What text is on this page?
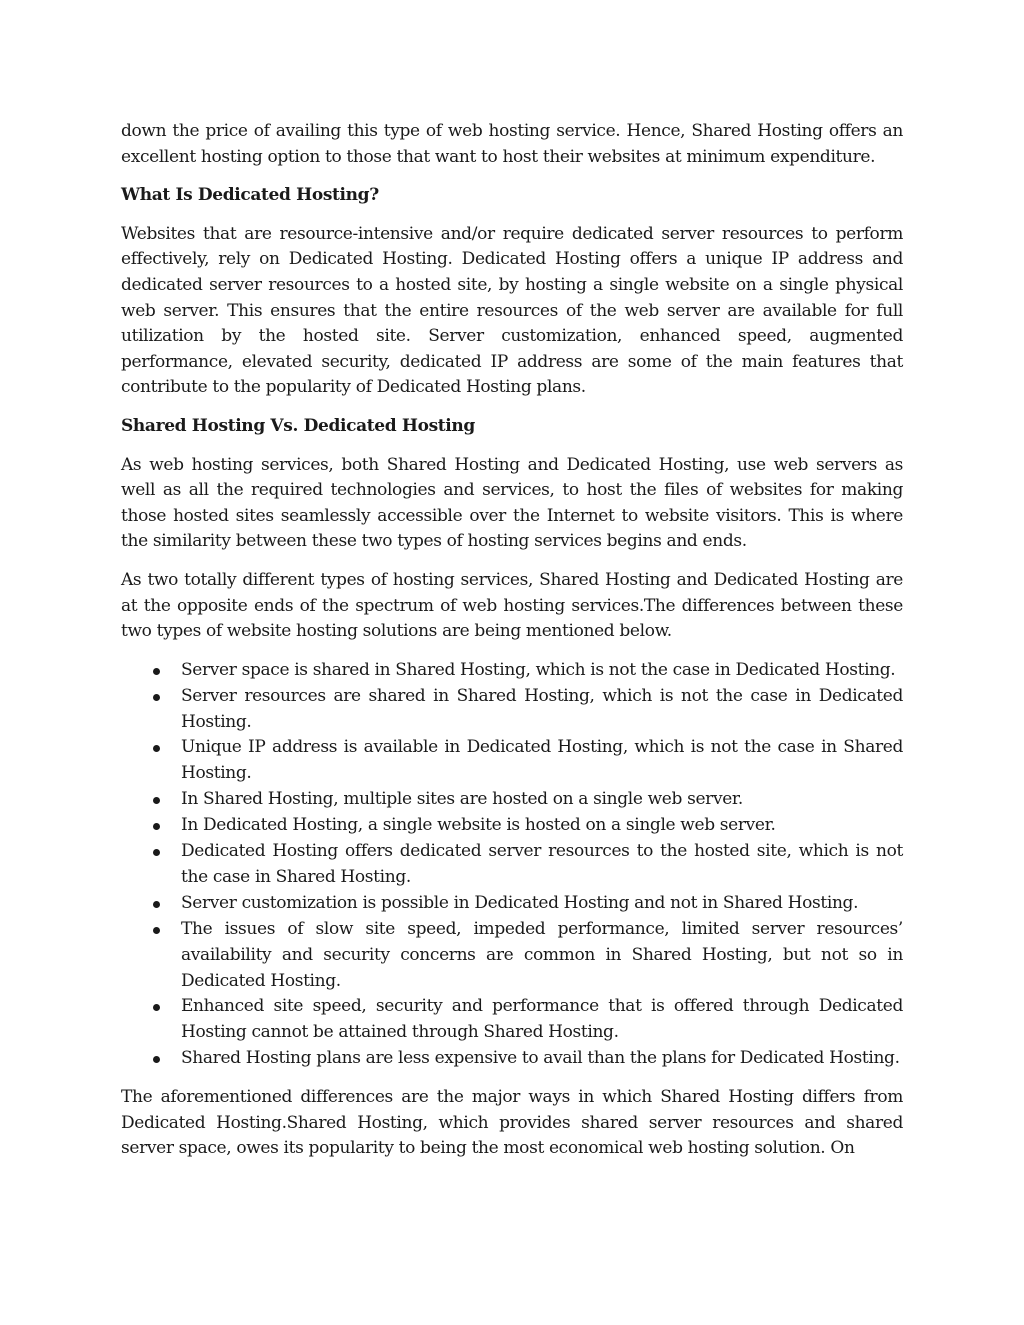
down the price of availing this type of web hosting service. Hence, Shared Hosting offers an excellent hosting option to those that want to host their websites at minimum expenditure.

What Is Dedicated Hosting?

Websites that are resource-intensive and/or require dedicated server resources to perform effectively, rely on Dedicated Hosting. Dedicated Hosting offers a unique IP address and dedicated server resources to a hosted site, by hosting a single website on a single physical web server. This ensures that the entire resources of the web server are available for full utilization by the hosted site. Server customization, enhanced speed, augmented performance, elevated security, dedicated IP address are some of the main features that contribute to the popularity of Dedicated Hosting plans.

Shared Hosting Vs. Dedicated Hosting

As web hosting services, both Shared Hosting and Dedicated Hosting, use web servers as well as all the required technologies and services, to host the files of websites for making those hosted sites seamlessly accessible over the Internet to website visitors. This is where the similarity between these two types of hosting services begins and ends.

As two totally different types of hosting services, Shared Hosting and Dedicated Hosting are at the opposite ends of the spectrum of web hosting services.The differences between these two types of website hosting solutions are being mentioned below.

Server space is shared in Shared Hosting, which is not the case in Dedicated Hosting.
Server resources are shared in Shared Hosting, which is not the case in Dedicated Hosting.
Unique IP address is available in Dedicated Hosting, which is not the case in Shared Hosting.
In Shared Hosting, multiple sites are hosted on a single web server.
In Dedicated Hosting, a single website is hosted on a single web server.
Dedicated Hosting offers dedicated server resources to the hosted site, which is not the case in Shared Hosting.
Server customization is possible in Dedicated Hosting and not in Shared Hosting.
The issues of slow site speed, impeded performance, limited server resources’ availability and security concerns are common in Shared Hosting, but not so in Dedicated Hosting.
Enhanced site speed, security and performance that is offered through Dedicated Hosting cannot be attained through Shared Hosting.
Shared Hosting plans are less expensive to avail than the plans for Dedicated Hosting.

The aforementioned differences are the major ways in which Shared Hosting differs from Dedicated Hosting.Shared Hosting, which provides shared server resources and shared server space, owes its popularity to being the most economical web hosting solution. On
